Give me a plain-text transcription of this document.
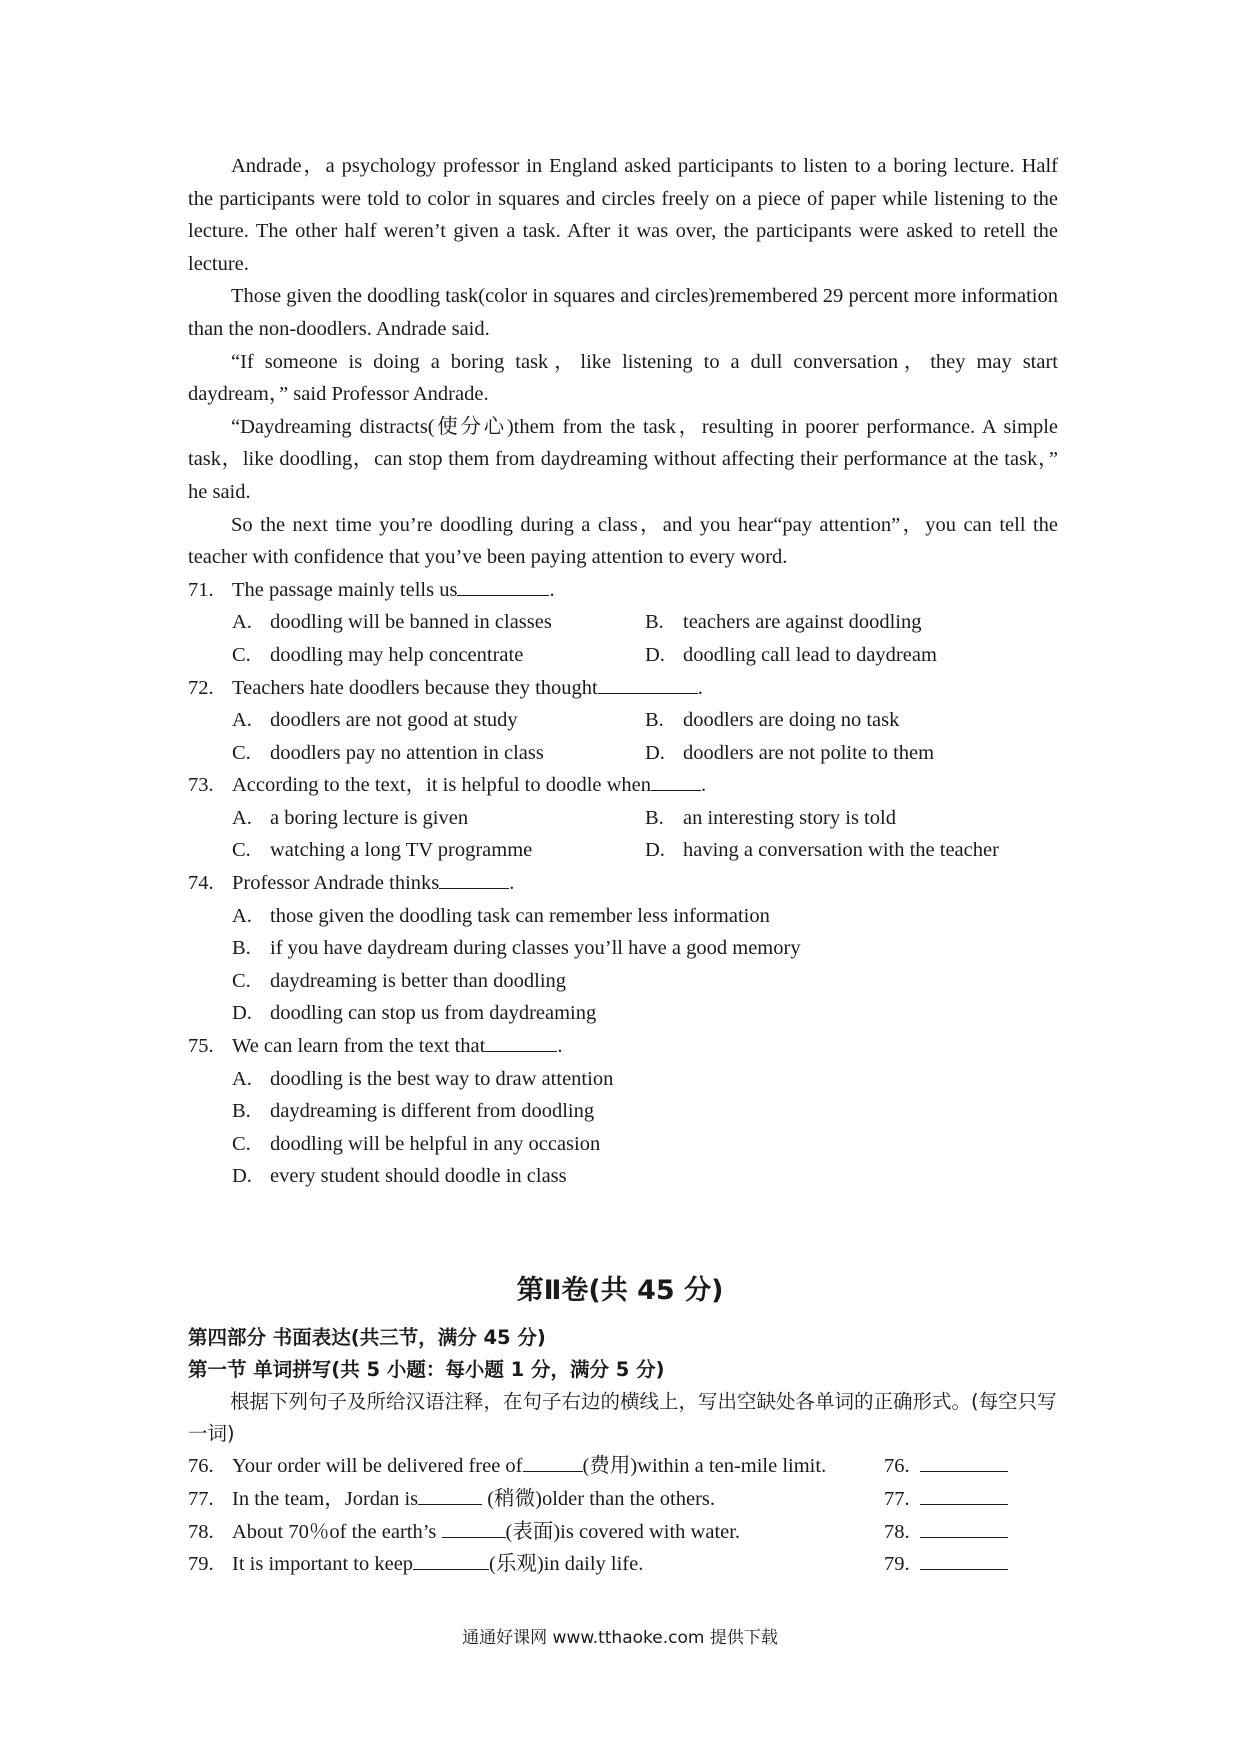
Andrade，a psychology professor in England asked participants to listen to a boring lecture. Half the participants were told to color in squares and circles freely on a piece of paper while listening to the lecture. The other half weren’t given a task. After it was over, the participants were asked to retell the lecture.

Those given the doodling task(color in squares and circles)remembered 29 percent more information than the non-doodlers. Andrade said.

“If someone is doing a boring task，like listening to a dull conversation，they may start daydream，” said Professor Andrade.

“Daydreaming distracts(使分心)them from the task，resulting in poorer performance. A simple task，like doodling，can stop them from daydreaming without affecting their performance at the task，” he said.

So the next time you’re doodling during a class，and you hear“pay attention”，you can tell the teacher with confidence that you’ve been paying attention to every word.

71. The passage mainly tells us	.
A. doodling will be banned in classes	B. teachers are against doodling
C. doodling may help concentrate	D. doodling call lead to daydream
72. Teachers hate doodlers because they thought	.
A. doodlers are not good at study	B. doodlers are doing no task
C. doodlers pay no attention in class	D. doodlers are not polite to them
73. According to the text，it is helpful to doodle when .
A. a boring lecture is given	B. an interesting story is told
C. watching a long TV programme	D. having a conversation with the teacher
74. Professor Andrade thinks	.
A. those given the doodling task can remember less information
B. if you have daydream during classes you’ll have a good memory
C. daydreaming is better than doodling
D. doodling can stop us from daydreaming
75. We can learn from the text that	.
A. doodling is the best way to draw attention
B. daydreaming is different from doodling
C. doodling will be helpful in any occasion
D. every student should doodle in class
第Ⅱ卷(共 45 分)
第四部分 书面表达(共三节，满分 45 分)
第一节 单词拼写(共 5 小题：每小题 1 分，满分 5 分)
根据下列句子及所给汉语注释，在句子右边的横线上，写出空缺处各单词的正确形式。(每空只写一词)
76. Your order will be delivered free of	(费用)within a ten-mile limit.	76.
77. In the team，Jordan is	(稍微)older than the others.	77.
78. About 70％of the earth’s	(表面)is covered with water.	78.
79. It is important to keep	(乐观)in daily life.	79.
通通好课网 www.tthaoke.com 提供下载
